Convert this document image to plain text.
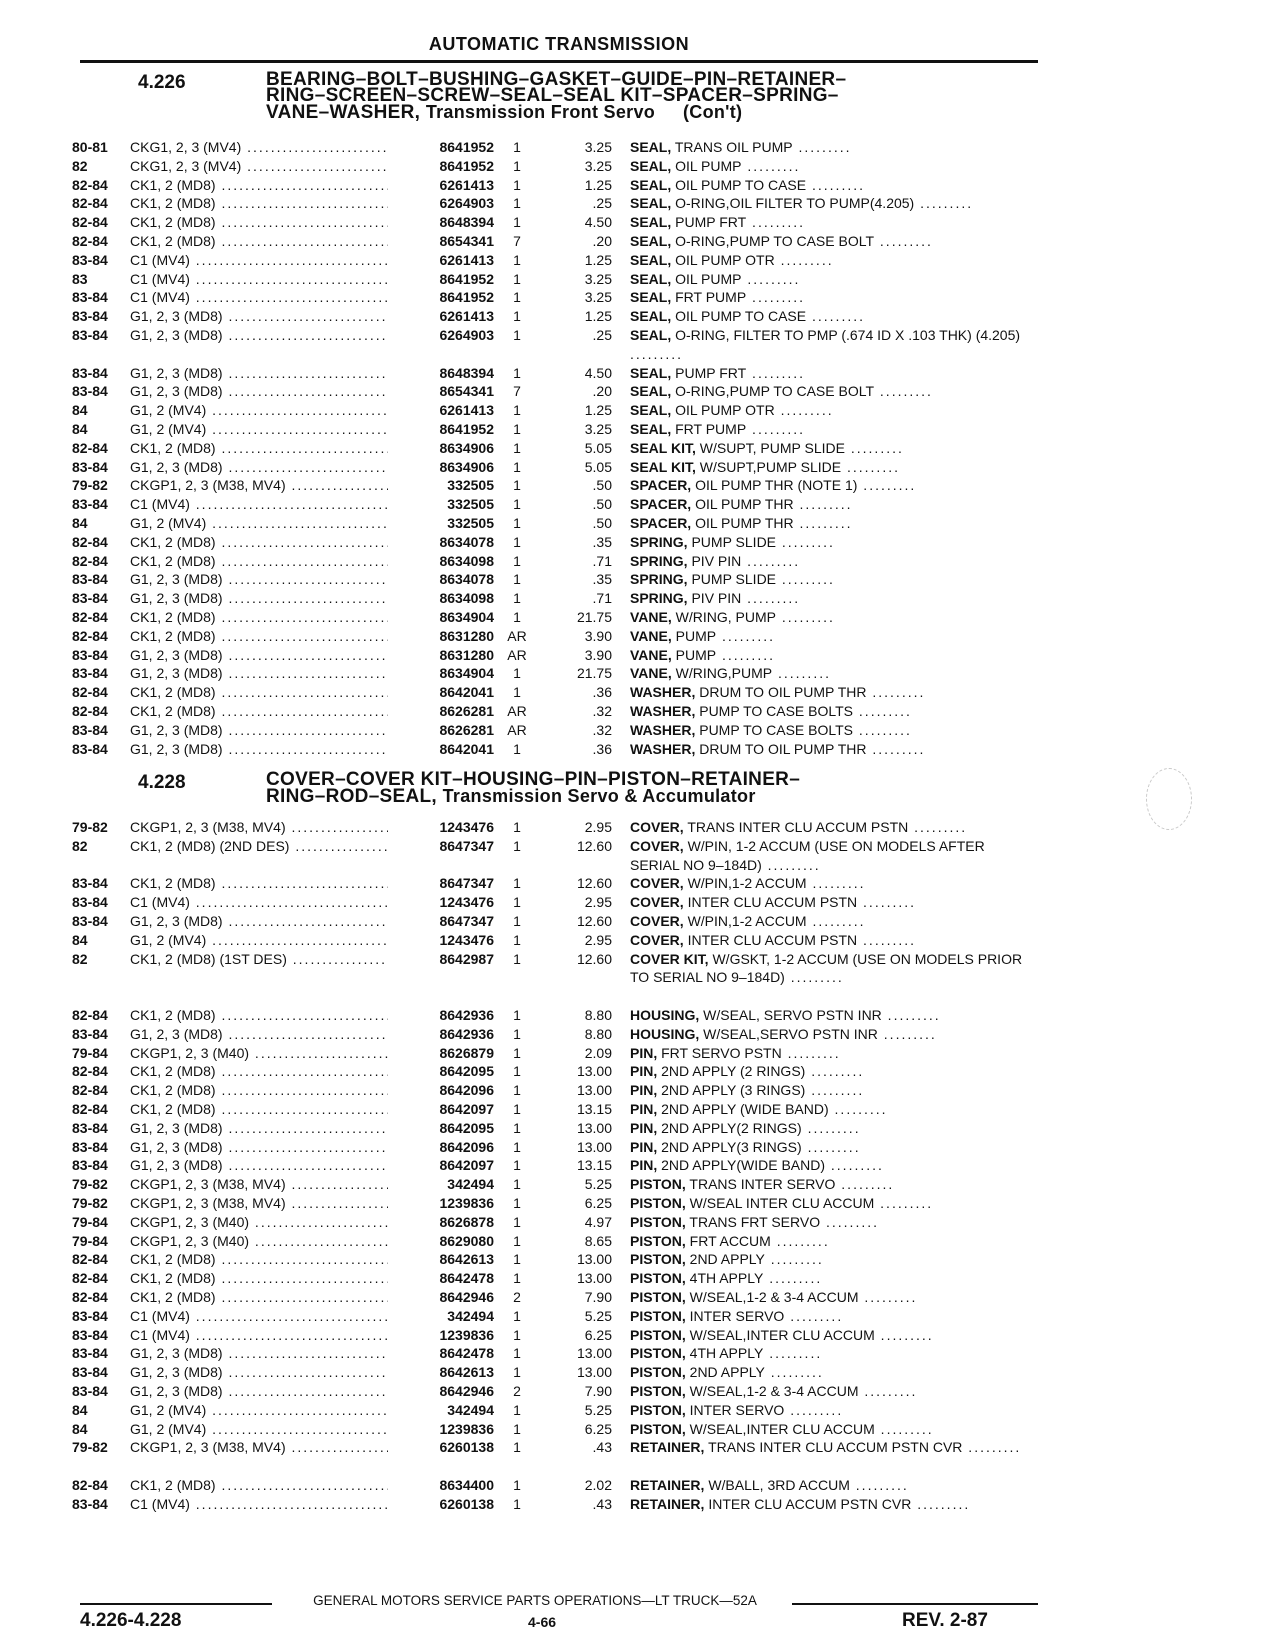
AUTOMATIC TRANSMISSION
4.226	BEARING–BOLT–BUSHING–GASKET–GUIDE–PIN–RETAINER–
RING–SCREEN–SCREW–SEAL–SEAL KIT–SPACER–SPRING–
VANE–WASHER, Transmission Front Servo (Con't)
80-81	CKG1, 2, 3 (MV4) .....	8641952	1	3.25 SEAL, TRANS OIL PUMP .........
82	CKG1, 2, 3 (MV4) .....	8641952	1	3.25 SEAL, OIL PUMP .........
82-84	CK1, 2 (MD8) .....	6261413	1	1.25 SEAL, OIL PUMP TO CASE .........
82-84	CK1, 2 (MD8) .....	6264903	1	.25 SEAL, O-RING,OIL FILTER TO PUMP(4.205) .........
82-84	CK1, 2 (MD8) .....	8648394	1	4.50 SEAL, PUMP FRT .........
82-84	CK1, 2 (MD8) .....	8654341	7	.20 SEAL, O-RING,PUMP TO CASE BOLT .........
83-84	C1 (MV4) .....	6261413	1	1.25 SEAL, OIL PUMP OTR .........
83	C1 (MV4) .....	8641952	1	3.25 SEAL, OIL PUMP .........
83-84	C1 (MV4) .....	8641952	1	3.25 SEAL, FRT PUMP .........
83-84	G1, 2, 3 (MD8) .....	6261413	1	1.25 SEAL, OIL PUMP TO CASE .........
83-84	G1, 2, 3 (MD8) .....	6264903	1	.25 SEAL, O-RING, FILTER TO PMP (.674 ID X .103 THK) (4.205) .........
83-84	G1, 2, 3 (MD8) .....	8648394	1	4.50 SEAL, PUMP FRT .........
83-84	G1, 2, 3 (MD8) .....	8654341	7	.20 SEAL, O-RING,PUMP TO CASE BOLT .........
84	G1, 2 (MV4) .....	6261413	1	1.25 SEAL, OIL PUMP OTR .........
84	G1, 2 (MV4) .....	8641952	1	3.25 SEAL, FRT PUMP .........
82-84	CK1, 2 (MD8) .....	8634906	1	5.05 SEAL KIT, W/SUPT, PUMP SLIDE .........
83-84	G1, 2, 3 (MD8) .....	8634906	1	5.05 SEAL KIT, W/SUPT,PUMP SLIDE .........
79-82	CKGP1, 2, 3 (M38, MV4) .....	332505	1	.50 SPACER, OIL PUMP THR (NOTE 1) .........
83-84	C1 (MV4) .....	332505	1	.50 SPACER, OIL PUMP THR .........
84	G1, 2 (MV4) .....	332505	1	.50 SPACER, OIL PUMP THR .........
82-84	CK1, 2 (MD8) .....	8634078	1	.35 SPRING, PUMP SLIDE .........
82-84	CK1, 2 (MD8) .....	8634098	1	.71 SPRING, PIV PIN .........
83-84	G1, 2, 3 (MD8) .....	8634078	1	.35 SPRING, PUMP SLIDE .........
83-84	G1, 2, 3 (MD8) .....	8634098	1	.71 SPRING, PIV PIN .........
82-84	CK1, 2 (MD8) .....	8634904	1	21.75 VANE, W/RING, PUMP .........
82-84	CK1, 2 (MD8) .....	8631280 AR	3.90 VANE, PUMP .........
83-84	G1, 2, 3 (MD8) .....	8631280 AR	3.90 VANE, PUMP .........
83-84	G1, 2, 3 (MD8) .....	8634904	1	21.75 VANE, W/RING,PUMP .........
82-84	CK1, 2 (MD8) .....	8642041	1	.36 WASHER, DRUM TO OIL PUMP THR .........
82-84	CK1, 2 (MD8) .....	8626281 AR	.32 WASHER, PUMP TO CASE BOLTS .........
83-84	G1, 2, 3 (MD8) .....	8626281 AR	.32 WASHER, PUMP TO CASE BOLTS .........
83-84	G1, 2, 3 (MD8) .....	8642041	1	.36 WASHER, DRUM TO OIL PUMP THR .........
4.228	COVER–COVER KIT–HOUSING–PIN–PISTON–RETAINER–
RING–ROD–SEAL, Transmission Servo & Accumulator
79-82	CKGP1, 2, 3 (M38, MV4) .....	1243476	1	2.95 COVER, TRANS INTER CLU ACCUM PSTN .........
82	CK1, 2 (MD8) (2ND DES) .....	8647347	1	12.60 COVER, W/PIN, 1-2 ACCUM (USE ON MODELS AFTER SERIAL NO 9–184D) .........
83-84	CK1, 2 (MD8) .....	8647347	1	12.60 COVER, W/PIN,1-2 ACCUM .........
83-84	C1 (MV4) .....	1243476	1	2.95 COVER, INTER CLU ACCUM PSTN .........
83-84	G1, 2, 3 (MD8) .....	8647347	1	12.60 COVER, W/PIN,1-2 ACCUM .........
84	G1, 2 (MV4) .....	1243476	1	2.95 COVER, INTER CLU ACCUM PSTN .........
82	CK1, 2 (MD8) (1ST DES) .....	8642987	1	12.60 COVER KIT, W/GSKT, 1-2 ACCUM (USE ON MODELS PRIOR TO SERIAL NO 9–184D) .........
82-84	CK1, 2 (MD8) .....	8642936	1	8.80 HOUSING, W/SEAL, SERVO PSTN INR .........
83-84	G1, 2, 3 (MD8) .....	8642936	1	8.80 HOUSING, W/SEAL,SERVO PSTN INR .........
79-84	CKGP1, 2, 3 (M40) .....	8626879	1	2.09 PIN, FRT SERVO PSTN .........
82-84	CK1, 2 (MD8) .....	8642095	1	13.00 PIN, 2ND APPLY (2 RINGS) .........
82-84	CK1, 2 (MD8) .....	8642096	1	13.00 PIN, 2ND APPLY (3 RINGS) .........
82-84	CK1, 2 (MD8) .....	8642097	1	13.15 PIN, 2ND APPLY (WIDE BAND) .........
83-84	G1, 2, 3 (MD8) .....	8642095	1	13.00 PIN, 2ND APPLY(2 RINGS) .........
83-84	G1, 2, 3 (MD8) .....	8642096	1	13.00 PIN, 2ND APPLY(3 RINGS) .........
83-84	G1, 2, 3 (MD8) .....	8642097	1	13.15 PIN, 2ND APPLY(WIDE BAND) .........
79-82	CKGP1, 2, 3 (M38, MV4) .....	342494	1	5.25 PISTON, TRANS INTER SERVO .........
79-82	CKGP1, 2, 3 (M38, MV4) .....	1239836	1	6.25 PISTON, W/SEAL INTER CLU ACCUM .........
79-84	CKGP1, 2, 3 (M40) .....	8626878	1	4.97 PISTON, TRANS FRT SERVO .........
79-84	CKGP1, 2, 3 (M40) .....	8629080	1	8.65 PISTON, FRT ACCUM .........
82-84	CK1, 2 (MD8) .....	8642613	1	13.00 PISTON, 2ND APPLY .........
82-84	CK1, 2 (MD8) .....	8642478	1	13.00 PISTON, 4TH APPLY .........
82-84	CK1, 2 (MD8) .....	8642946	2	7.90 PISTON, W/SEAL,1-2 & 3-4 ACCUM .........
83-84	C1 (MV4) .....	342494	1	5.25 PISTON, INTER SERVO .........
83-84	C1 (MV4) .....	1239836	1	6.25 PISTON, W/SEAL,INTER CLU ACCUM .........
83-84	G1, 2, 3 (MD8) .....	8642478	1	13.00 PISTON, 4TH APPLY .........
83-84	G1, 2, 3 (MD8) .....	8642613	1	13.00 PISTON, 2ND APPLY .........
83-84	G1, 2, 3 (MD8) .....	8642946	2	7.90 PISTON, W/SEAL,1-2 & 3-4 ACCUM .........
84	G1, 2 (MV4) .....	342494	1	5.25 PISTON, INTER SERVO .........
84	G1, 2 (MV4) .....	1239836	1	6.25 PISTON, W/SEAL,INTER CLU ACCUM .........
79-82	CKGP1, 2, 3 (M38, MV4) .....	6260138	1	.43 RETAINER, TRANS INTER CLU ACCUM PSTN CVR .........
82-84	CK1, 2 (MD8) .....	8634400	1	2.02 RETAINER, W/BALL, 3RD ACCUM .........
83-84	C1 (MV4) .....	6260138	1	.43 RETAINER, INTER CLU ACCUM PSTN CVR .........
GENERAL MOTORS SERVICE PARTS OPERATIONS—LT TRUCK—52A
4.226-4.228	4-66	REV. 2-87
